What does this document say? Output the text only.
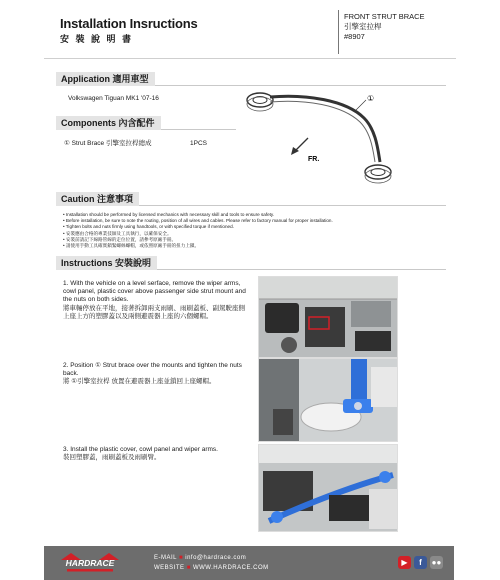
Installation Insructions
安 裝 說 明 書
FRONT STRUT BRACE
引擎室拉桿
#8907
Application 適用車型
Volkswagen Tiguan MK1 '07-16
Components 內含配件
① Strut Brace 引擎室拉桿總成	1PCS
①
FR.
Caution 注意事項
• Installation should be performed by licensed mechanics with necessary skill and tools to ensure safety.
• Before installation, be sure to note the routing, position of all wires and cables. Please refer to factory manual for proper installation.
• Tighten bolts and nuts firmly using handtools, or with specified torque if mentioned.
• 安裝應由合格的專業技師及工具執行，以確保安全。
• 安裝前請記下線路管線的走位位置，請參考原廠手冊。
• 請使用手動工具確實鎖緊螺絲螺帽，或依照原廠手冊的扭力上鎖。
Instructions 安裝說明
1. With the vehicle on a level serface, remove the wiper arms, cowl panel, plastic cover above passenger side strut mount and the nuts on both sides.
將車輛停放在平地，接著拆卸兩支雨刷、雨刷蓋板、副駕駛座側上座上方的塑膠蓋以及兩側避震器上座的六個螺帽。
2. Position ① Strut brace over the mounts and tighten the nuts back.
將 ①引擎室拉桿 放置在避震器上座並鎖回上座螺帽。
3. Install the plastic cover, cowl panel and wiper arms.
裝回塑膠蓋，雨刷蓋板及雨刷臂。
HARDRACE	E-MAIL ■ info@hardrace.com
WEBSITE ■ WWW.HARDRACE.COM
▶	f	●●
